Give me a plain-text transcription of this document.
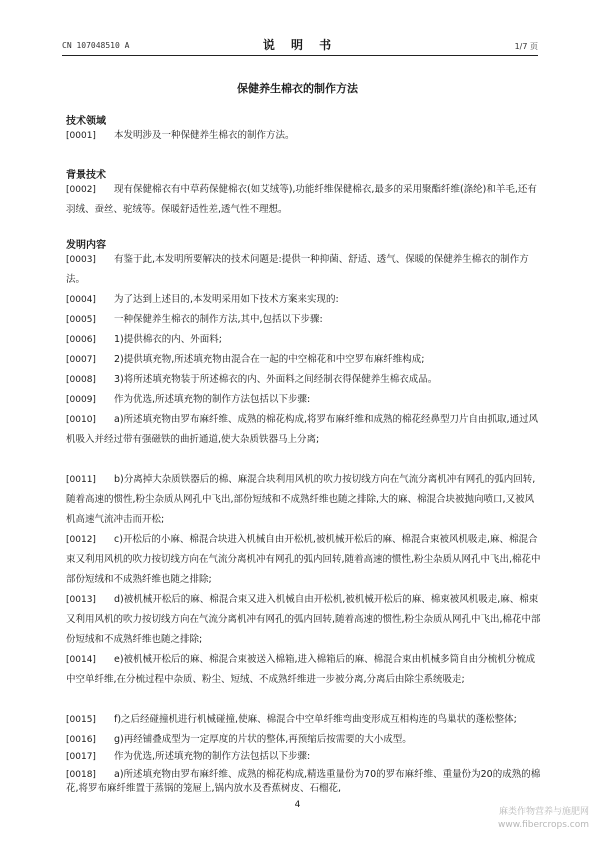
CN 107048510 A	说 明 书	1/7 页
保健养生棉衣的制作方法
技术领域
[0001] 本发明涉及一种保健养生棉衣的制作方法。
背景技术
[0002] 现有保健棉衣有中草药保健棉衣(如艾绒等),功能纤维保健棉衣,最多的采用聚酯纤维(涤纶)和羊毛,还有羽绒、蚕丝、驼绒等。保暖舒适性差,透气性不理想。
发明内容
[0003] 有鉴于此,本发明所要解决的技术问题是:提供一种抑菌、舒适、透气、保暖的保健养生棉衣的制作方法。
[0004] 为了达到上述目的,本发明采用如下技术方案来实现的:
[0005] 一种保健养生棉衣的制作方法,其中,包括以下步骤:
[0006] 1)提供棉衣的内、外面料;
[0007] 2)提供填充物,所述填充物由混合在一起的中空棉花和中空罗布麻纤维构成;
[0008] 3)将所述填充物装于所述棉衣的内、外面料之间经制衣得保健养生棉衣成品。
[0009] 作为优选,所述填充物的制作方法包括以下步骤:
[0010] a)所述填充物由罗布麻纤维、成熟的棉花构成,将罗布麻纤维和成熟的棉花经鼻型刀片自由抓取,通过风机吸入并经过带有强磁铁的曲折通道,使大杂质铁器马上分离;
[0011] b)分离掉大杂质铁器后的棉、麻混合块利用风机的吹力按切线方向在气流分离机冲有网孔的弧内回转,随着高速的惯性,粉尘杂质从网孔中飞出,部份短绒和不成熟纤维也随之排除,大的麻、棉混合块被抛向喷口,又被风机高速气流冲击而开松;
[0012] c)开松后的小麻、棉混合块进入机械自由开松机,被机械开松后的麻、棉混合束被风机吸走,麻、棉混合束又利用风机的吹力按切线方向在气流分离机冲有网孔的弧内回转,随着高速的惯性,粉尘杂质从网孔中飞出,棉花中部份短绒和不成熟纤维也随之排除;
[0013] d)被机械开松后的麻、棉混合束又进入机械自由开松机,被机械开松后的麻、棉束被风机吸走,麻、棉束又利用风机的吹力按切线方向在气流分离机冲有网孔的弧内回转,随着高速的惯性,粉尘杂质从网孔中飞出,棉花中部份短绒和不成熟纤维也随之排除;
[0014] e)被机械开松后的麻、棉混合束被送入棉箱,进入棉箱后的麻、棉混合束由机械多筒自由分梳机分梳成中空单纤维,在分梳过程中杂质、粉尘、短绒、不成熟纤维进一步被分离,分离后由除尘系统吸走;
[0015] f)之后经碰撞机进行机械碰撞,使麻、棉混合中空单纤维弯曲变形成互相构连的鸟巢状的蓬松整体;
[0016] g)再经铺叠成型为一定厚度的片状的整体,再预缩后按需要的大小成型。
[0017] 作为优选,所述填充物的制作方法包括以下步骤:
[0018] a)所述填充物由罗布麻纤维、成熟的棉花构成,精选重量份为70的罗布麻纤维、重量份为20的成熟的棉花,将罗布麻纤维置于蒸锅的笼屉上,锅内放水及香蕉树皮、石榴花,
4
麻类作物营养与施肥网
www.fibercrops.com
